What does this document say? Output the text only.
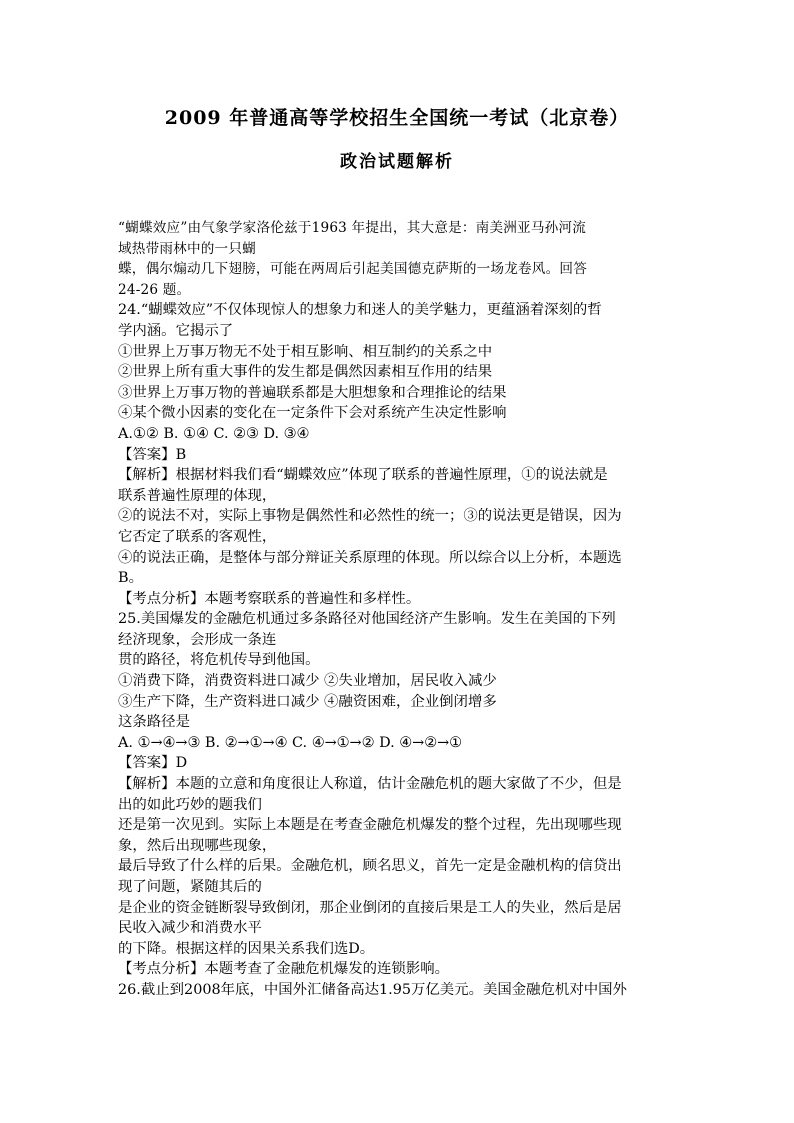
2009 年普通高等学校招生全国统一考试（北京卷）
政治试题解析
“蝴蝶效应”由气象学家洛伦兹于1963 年提出，其大意是：南美洲亚马孙河流
域热带雨林中的一只蝴
蝶，偶尔煽动几下翅膀，可能在两周后引起美国德克萨斯的一场龙卷风。回答
24-26 题。
24.“蝴蝶效应”不仅体现惊人的想象力和迷人的美学魅力，更蕴涵着深刻的哲
学内涵。它揭示了
①世界上万事万物无不处于相互影响、相互制约的关系之中
②世界上所有重大事件的发生都是偶然因素相互作用的结果
③世界上万事万物的普遍联系都是大胆想象和合理推论的结果
④某个微小因素的变化在一定条件下会对系统产生决定性影响
A.①② B. ①④ C. ②③ D. ③④
【答案】B
【解析】根据材料我们看“蝴蝶效应”体现了联系的普遍性原理，①的说法就是
联系普遍性原理的体现，
②的说法不对，实际上事物是偶然性和必然性的统一；③的说法更是错误，因为
它否定了联系的客观性，
④的说法正确，是整体与部分辩证关系原理的体现。所以综合以上分析，本题选
B。
【考点分析】本题考察联系的普遍性和多样性。
25.美国爆发的金融危机通过多条路径对他国经济产生影响。发生在美国的下列
经济现象，会形成一条连
贯的路径，将危机传导到他国。
①消费下降，消费资料进口减少 ②失业增加，居民收入减少
③生产下降，生产资料进口减少 ④融资困难，企业倒闭增多
这条路径是
A. ①→④→③ B. ②→①→④ C. ④→①→② D. ④→②→①
【答案】D
【解析】本题的立意和角度很让人称道，估计金融危机的题大家做了不少，但是
出的如此巧妙的题我们
还是第一次见到。实际上本题是在考查金融危机爆发的整个过程，先出现哪些现
象，然后出现哪些现象，
最后导致了什么样的后果。金融危机，顾名思义，首先一定是金融机构的信贷出
现了问题，紧随其后的
是企业的资金链断裂导致倒闭，那企业倒闭的直接后果是工人的失业，然后是居
民收入减少和消费水平
的下降。根据这样的因果关系我们选D。
【考点分析】本题考查了金融危机爆发的连锁影响。
26.截止到2008年底，中国外汇储备高达1.95万亿美元。美国金融危机对中国外
